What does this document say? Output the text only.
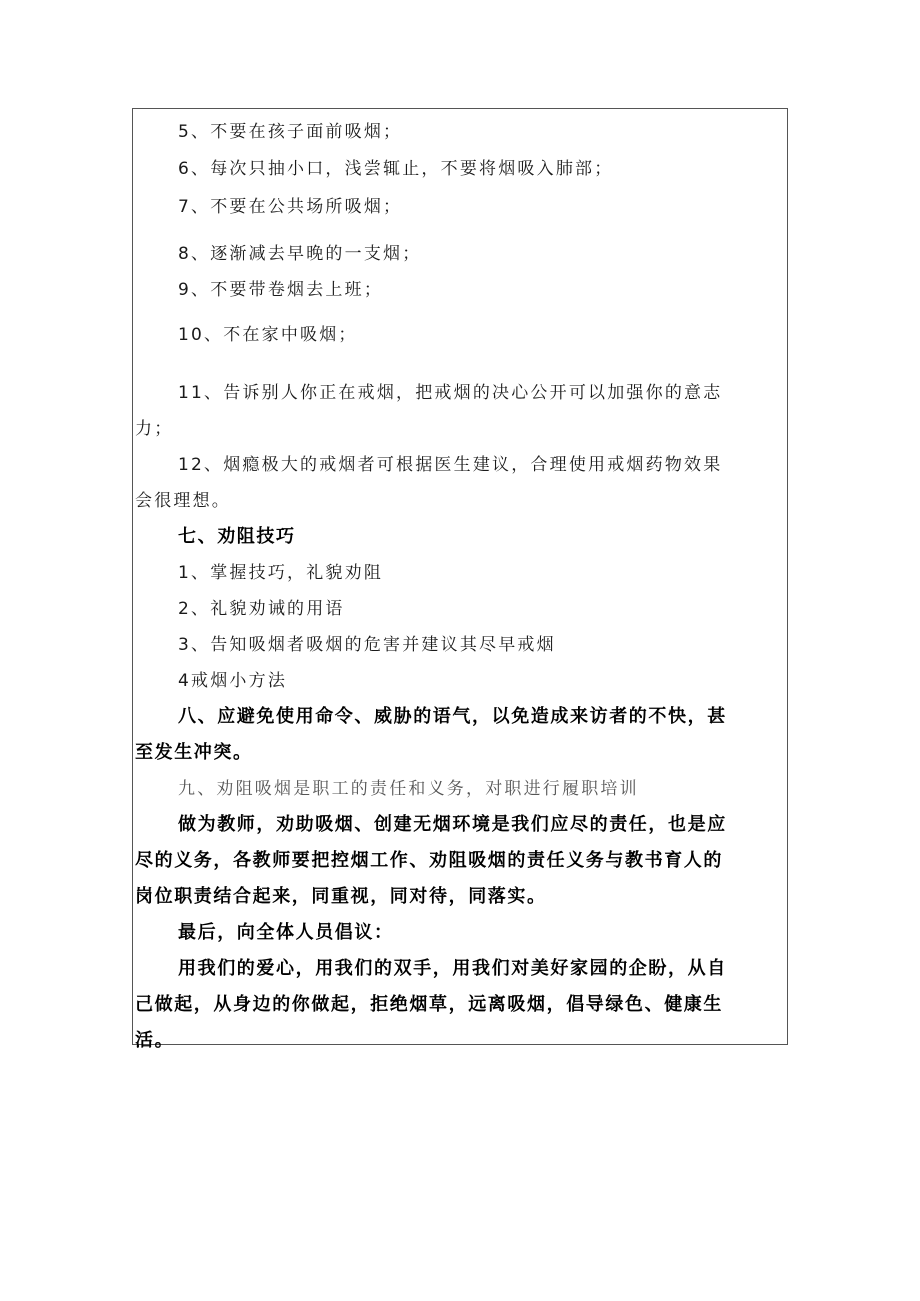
5、不要在孩子面前吸烟；
6、每次只抽小口，浅尝辄止，不要将烟吸入肺部；
7、不要在公共场所吸烟；
8、逐渐减去早晚的一支烟；
9、不要带卷烟去上班；
10、不在家中吸烟；
11、告诉别人你正在戒烟，把戒烟的决心公开可以加强你的意志
力；
12、烟瘾极大的戒烟者可根据医生建议，合理使用戒烟药物效果
会很理想。
七、劝阻技巧
1、掌握技巧，礼貌劝阻
2、礼貌劝诫的用语
3、告知吸烟者吸烟的危害并建议其尽早戒烟
4戒烟小方法
八、应避免使用命令、威胁的语气，以免造成来访者的不快，甚
至发生冲突。
九、劝阻吸烟是职工的责任和义务，对职进行履职培训
做为教师，劝助吸烟、创建无烟环境是我们应尽的责任，也是应
尽的义务，各教师要把控烟工作、劝阻吸烟的责任义务与教书育人的
岗位职责结合起来，同重视，同对待，同落实。
最后，向全体人员倡议：
用我们的爱心，用我们的双手，用我们对美好家园的企盼，从自
己做起，从身边的你做起，拒绝烟草，远离吸烟，倡导绿色、健康生
活。
